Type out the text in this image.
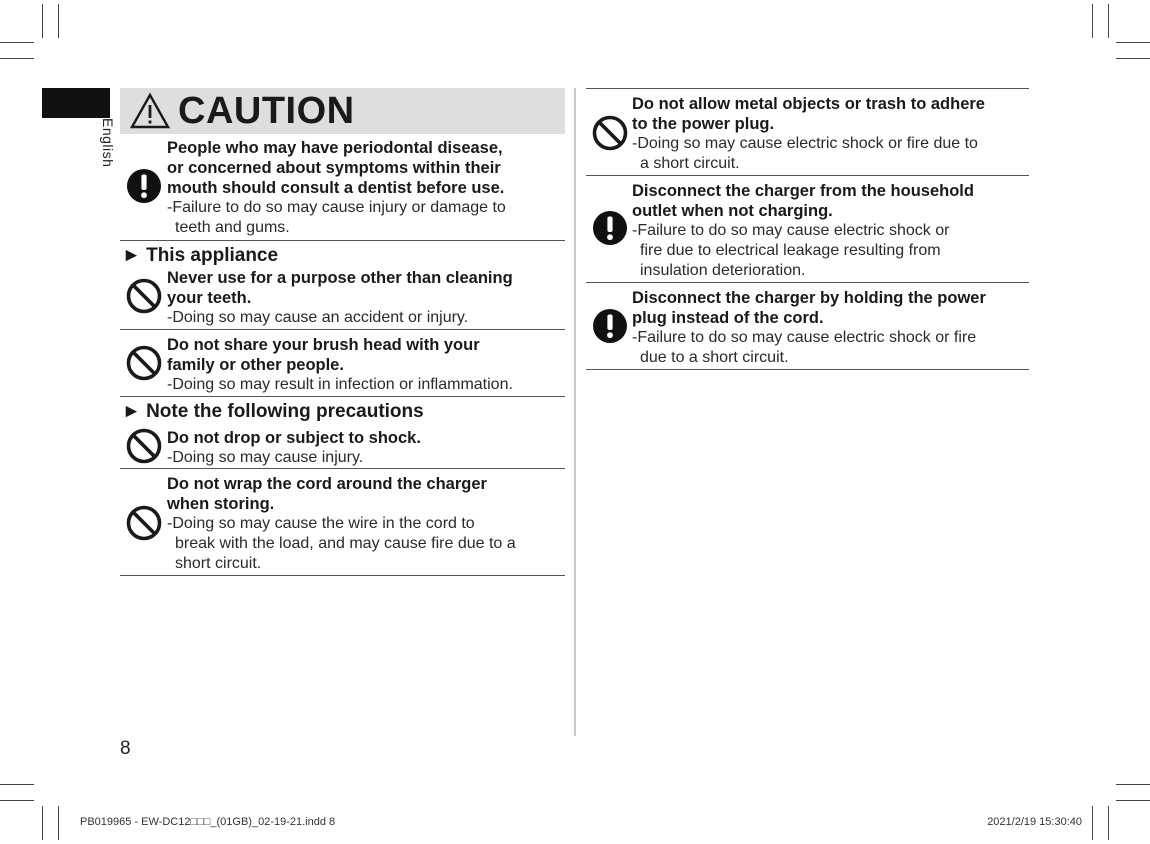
English
CAUTION
People who may have periodontal disease,
or concerned about symptoms within their
mouth should consult a dentist before use.
-Failure to do so may cause injury or damage to
teeth and gums.
► This appliance
Never use for a purpose other than cleaning
your teeth.
-Doing so may cause an accident or injury.
Do not share your brush head with your
family or other people.
-Doing so may result in infection or inflammation.
► Note the following precautions
Do not drop or subject to shock.
-Doing so may cause injury.
Do not wrap the cord around the charger
when storing.
-Doing so may cause the wire in the cord to
break with the load, and may cause fire due to a
short circuit.
Do not allow metal objects or trash to adhere
to the power plug.
-Doing so may cause electric shock or fire due to
a short circuit.
Disconnect the charger from the household
outlet when not charging.
-Failure to do so may cause electric shock or
fire due to electrical leakage resulting from
insulation deterioration.
Disconnect the charger by holding the power
plug instead of the cord.
-Failure to do so may cause electric shock or fire
due to a short circuit.
8
PB019965 - EW-DC12□□□_(01GB)_02-19-21.indd 8	2021/2/19 15:30:40
